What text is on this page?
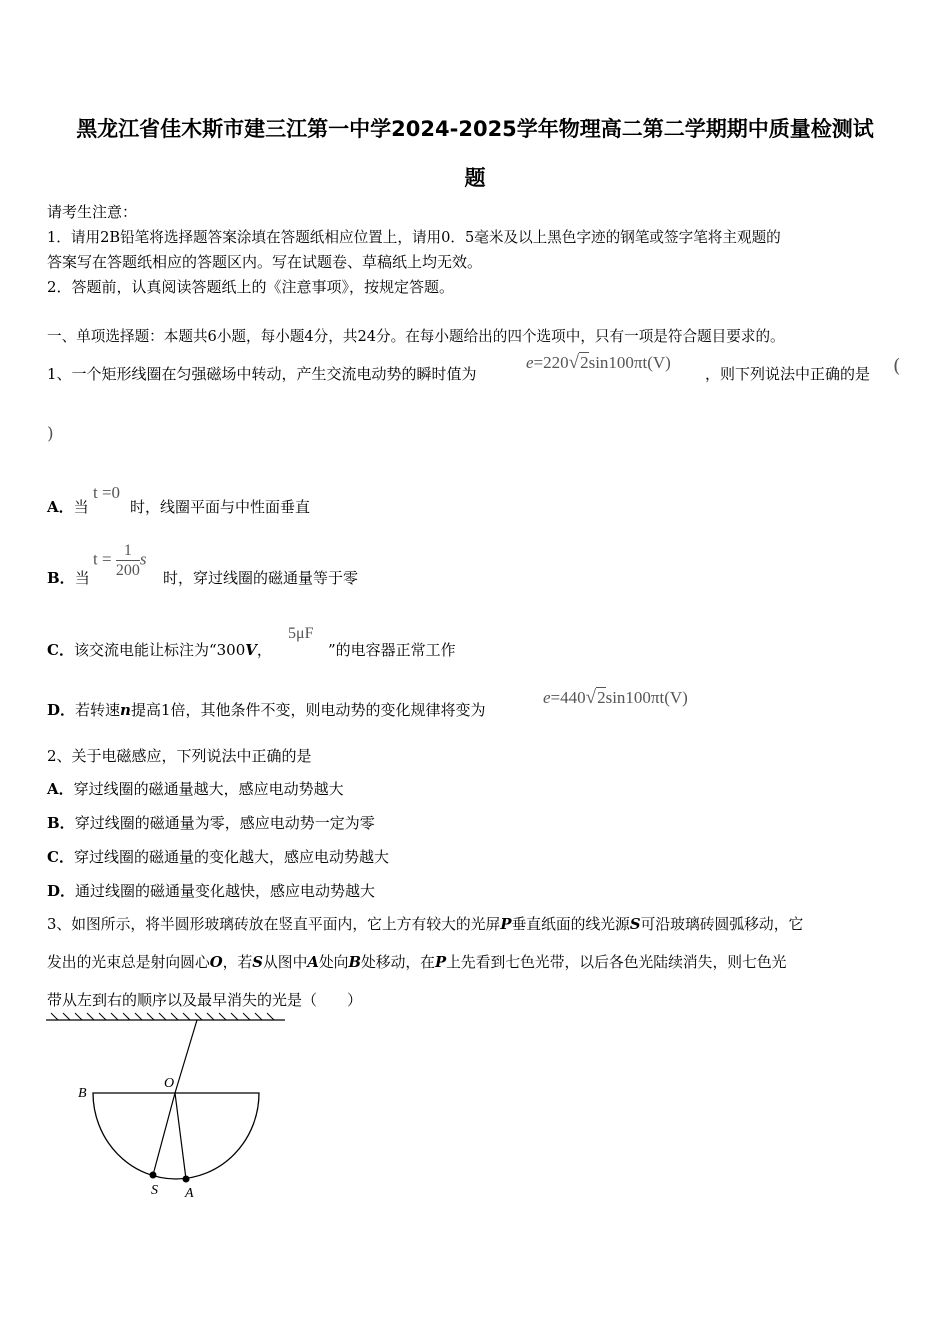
黑龙江省佳木斯市建三江第一中学2024-2025学年物理高二第二学期期中质量检测试
题
请考生注意：
1．请用2B铅笔将选择题答案涂填在答题纸相应位置上，请用0．5毫米及以上黑色字迹的钢笔或签字笔将主观题的
答案写在答题纸相应的答题区内。写在试题卷、草稿纸上均无效。
2．答题前，认真阅读答题纸上的《注意事项》，按规定答题。
一、单项选择题：本题共6小题，每小题4分，共24分。在每小题给出的四个选项中，只有一项是符合题目要求的。
1、一个矩形线圈在匀强磁场中转动，产生交流电动势的瞬时值为
e=220√2sin100πt(V)
，则下列说法中正确的是 (
)
A．当
t =0
时，线圈平面与中性面垂直
B．当
$t = \frac{1}{200}$ s
时，穿过线圈的磁通量等于零
C．该交流电能让标注为“300V，
5μF
”的电容器正常工作
D．若转速n提高1倍，其他条件不变，则电动势的变化规律将变为
e=440√2sin100πt(V)
2、关于电磁感应，下列说法中正确的是
A．穿过线圈的磁通量越大，感应电动势越大
B．穿过线圈的磁通量为零，感应电动势一定为零
C．穿过线圈的磁通量的变化越大，感应电动势越大
D．通过线圈的磁通量变化越快，感应电动势越大
3、如图所示，将半圆形玻璃砖放在竖直平面内，它上方有较大的光屏P垂直纸面的线光源S可沿玻璃砖圆弧移动，它
发出的光束总是射向圆心O，若S从图中A处向B处移动，在P上先看到七色光带，以后各色光陆续消失，则七色光
带从左到右的顺序以及最早消失的光是（　　）
B
O
S A
